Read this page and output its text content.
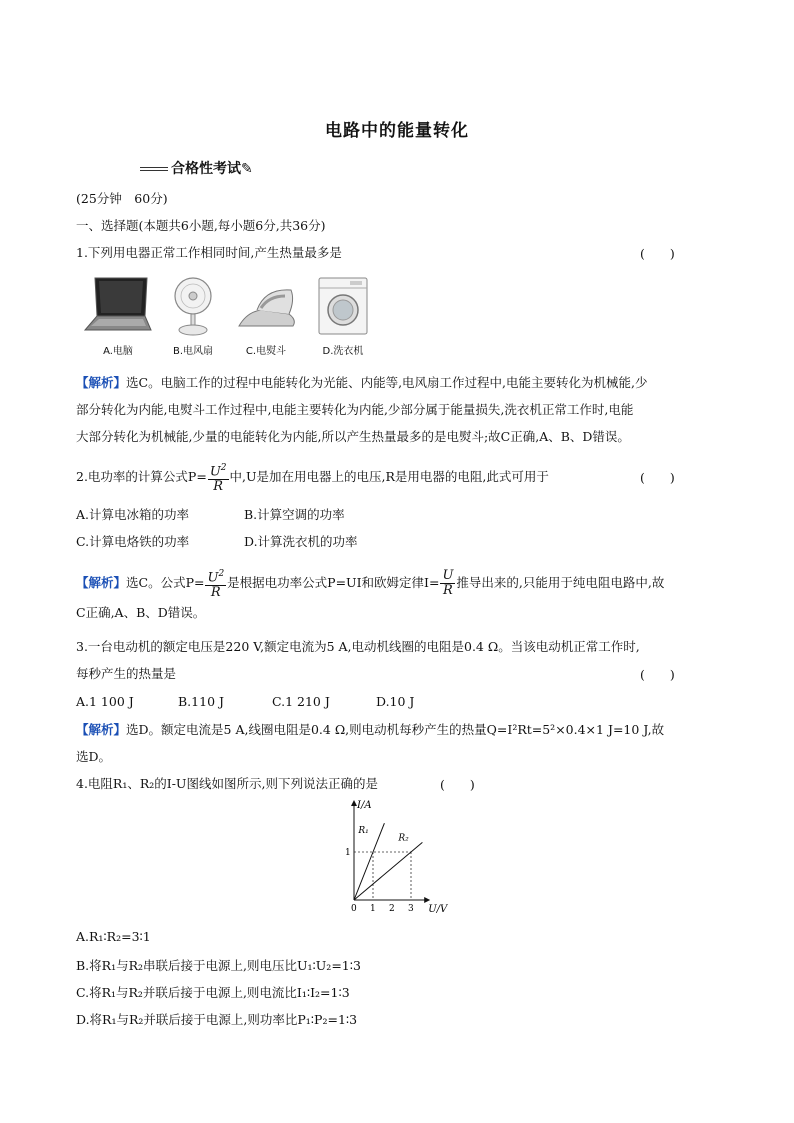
电路中的能量转化
合格性考试✎
(25分钟　60分)
一、选择题(本题共6小题,每小题6分,共36分)
1.下列用电器正常工作相同时间,产生热量最多是	(　　)
A.电脑	B.电风扇	C.电熨斗	D.洗衣机
【解析】选C。电脑工作的过程中电能转化为光能、内能等,电风扇工作过程中,电能主要转化为机械能,少
部分转化为内能,电熨斗工作过程中,电能主要转化为内能,少部分属于能量损失,洗衣机正常工作时,电能
大部分转化为机械能,少量的电能转化为内能,所以产生热量最多的是电熨斗;故C正确,A、B、D错误。
2.电功率的计算公式$P= \frac{U^2}{R}$ 中,U是加在用电器上的电压,R是用电器的电阻,此式可用于	(　　)
A.计算电冰箱的功率	B.计算空调的功率
C.计算电烙铁的功率	D.计算洗衣机的功率
【解析】选C。公式$P= \frac{U^2}{R}$ 是根据电功率公式P=UI和欧姆定律$I= \frac{U}{R}$ 推导出来的,只能用于纯电阻电路中,故
C正确,A、B、D错误。
3.一台电动机的额定电压是220 V,额定电流为5 A,电动机线圈的电阻是0.4 Ω。当该电动机正常工作时,
每秒产生的热量是	(　　)
A.1 100 J	B.110 J	C.1 210 J	D.10 J
【解析】选D。额定电流是5 A,线圈电阻是0.4 Ω,则电动机每秒产生的热量Q=I²Rt=5²×0.4×1 J=10 J,故
选D。
4.电阻R₁、R₂的I-U图线如图所示,则下列说法正确的是	(　　)
R₁
R₂
0 1 2 3
1
U/V
I/A
A.R₁∶R₂=3∶1
B.将R₁与R₂串联后接于电源上,则电压比U₁∶U₂=1∶3
C.将R₁与R₂并联后接于电源上,则电流比I₁∶I₂=1∶3
D.将R₁与R₂并联后接于电源上,则功率比P₁∶P₂=1∶3
